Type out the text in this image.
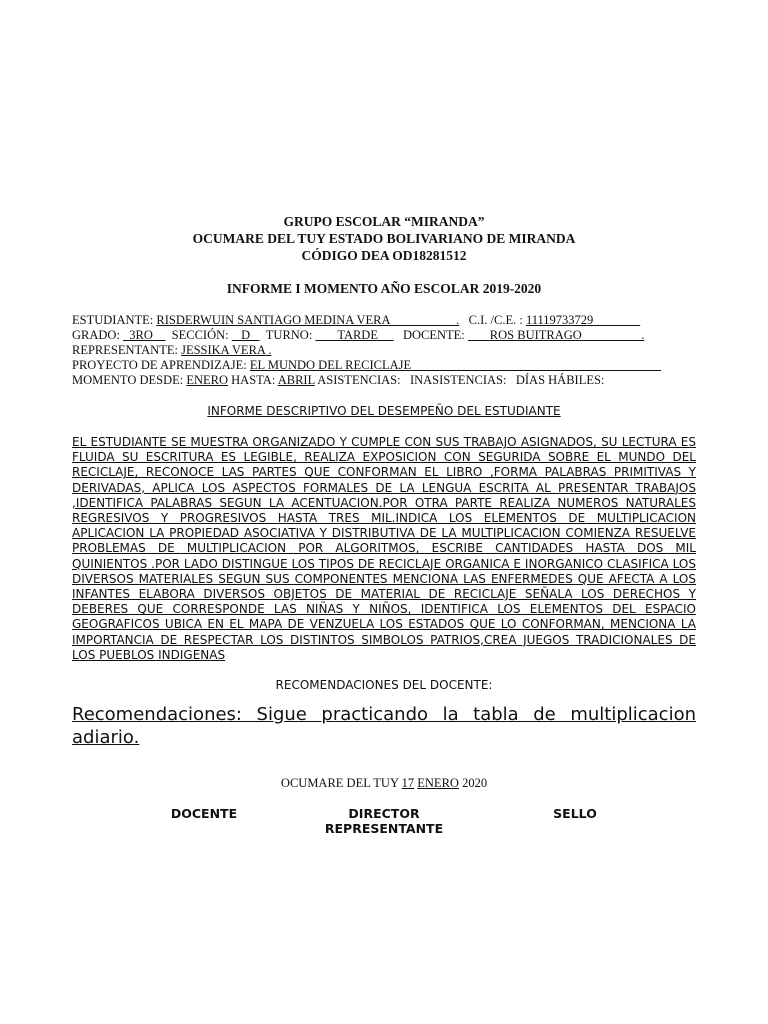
GRUPO ESCOLAR “MIRANDA”
OCUMARE DEL TUY ESTADO BOLIVARIANO DE MIRANDA
CÓDIGO DEA OD18281512
INFORME I MOMENTO AÑO ESCOLAR 2019-2020
ESTUDIANTE: RISDERWUIN SANTIAGO MEDINA VERA                     . C.I. /C.E. : 11119733729
GRADO: 3RO SECCIÓN: D TURNO: TARDE DOCENTE: ROS BUITRAGO                   .
REPRESENTANTE: JESSIKA VERA .
PROYECTO DE APRENDIZAJE: EL MUNDO DEL RECICLAJE
MOMENTO DESDE: ENERO HASTA: ABRIL ASISTENCIAS: INASISTENCIAS: DÍAS HÁBILES:
INFORME DESCRIPTIVO DEL DESEMPEÑO DEL ESTUDIANTE
EL ESTUDIANTE SE MUESTRA ORGANIZADO Y CUMPLE CON SUS TRABAJO ASIGNADOS, SU LECTURA ES FLUIDA SU ESCRITURA ES LEGIBLE, REALIZA EXPOSICION CON SEGURIDA SOBRE EL MUNDO DEL RECICLAJE, RECONOCE LAS PARTES QUE CONFORMAN EL LIBRO ,FORMA PALABRAS PRIMITIVAS Y DERIVADAS, APLICA LOS ASPECTOS FORMALES DE LA LENGUA ESCRITA AL PRESENTAR TRABAJOS ,IDENTIFICA PALABRAS SEGUN LA ACENTUACION.POR OTRA PARTE REALIZA NUMEROS NATURALES REGRESIVOS Y PROGRESIVOS HASTA TRES MIL.INDICA LOS ELEMENTOS DE MULTIPLICACION APLICACION LA PROPIEDAD ASOCIATIVA Y DISTRIBUTIVA DE LA MULTIPLICACION COMIENZA RESUELVE PROBLEMAS DE MULTIPLICACION POR ALGORITMOS, ESCRIBE CANTIDADES HASTA DOS MIL QUINIENTOS .POR LADO DISTINGUE LOS TIPOS DE RECICLAJE ORGANICA E INORGANICO CLASIFICA LOS DIVERSOS MATERIALES SEGUN SUS COMPONENTES MENCIONA LAS ENFERMEDES QUE AFECTA A LOS INFANTES ELABORA DIVERSOS OBJETOS DE MATERIAL DE RECICLAJE SEÑALA LOS DERECHOS Y DEBERES QUE CORRESPONDE LAS NIÑAS Y NIÑOS, IDENTIFICA LOS ELEMENTOS DEL ESPACIO GEOGRAFICOS UBICA EN EL MAPA DE VENZUELA LOS ESTADOS QUE LO CONFORMAN, MENCIONA LA IMPORTANCIA DE RESPECTAR LOS DISTINTOS SIMBOLOS PATRIOS,CREA JUEGOS TRADICIONALES DE LOS PUEBLOS INDIGENAS
RECOMENDACIONES DEL DOCENTE:
Recomendaciones: Sigue practicando la tabla de multiplicacion adiario.
OCUMARE DEL TUY 17 ENERO 2020
DOCENTE	DIRECTOR
REPRESENTANTE
SELLO
